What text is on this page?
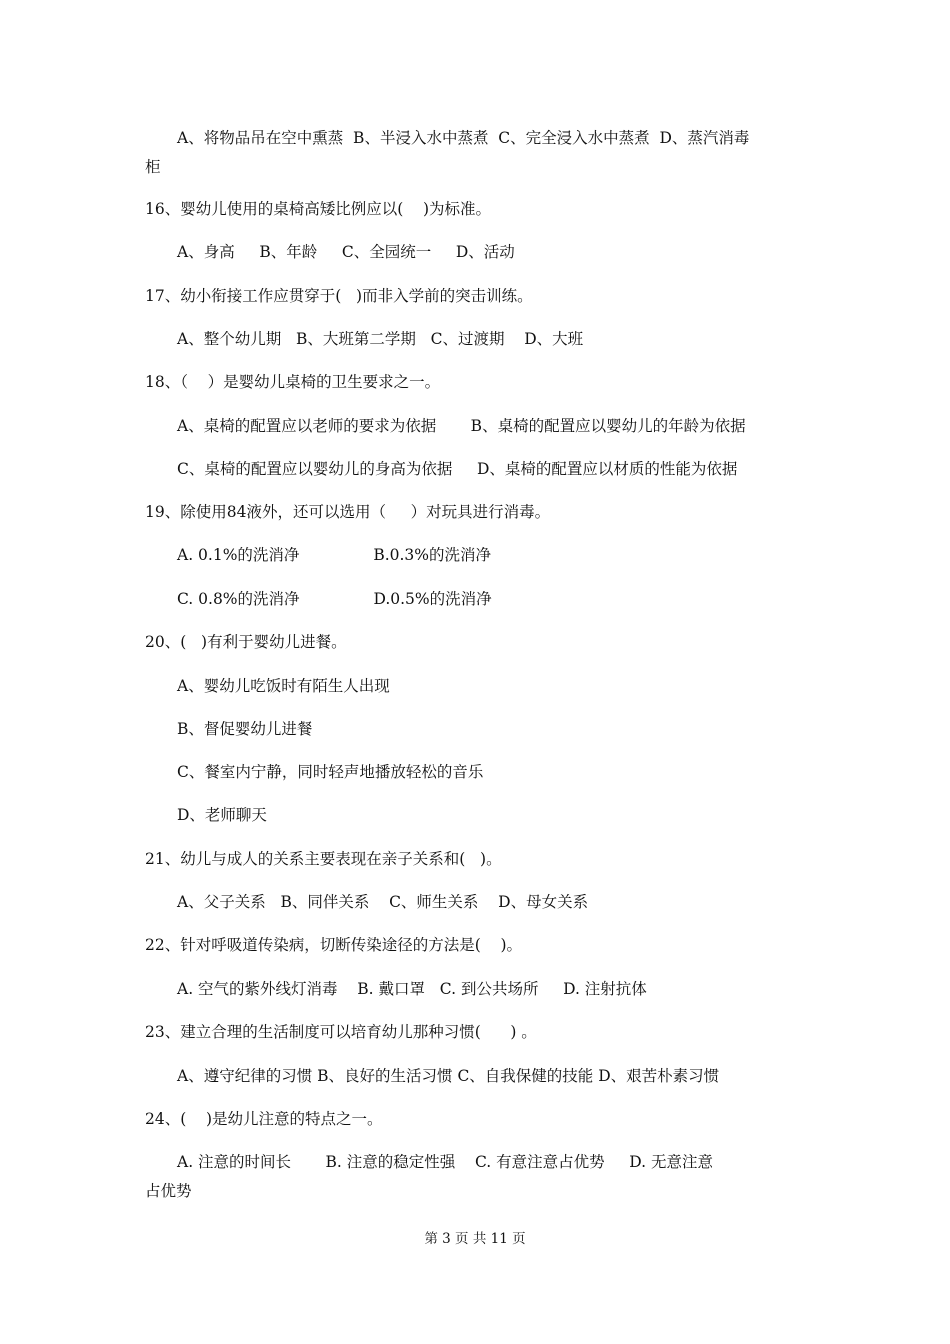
A、将物品吊在空中熏蒸  B、半浸入水中蒸煮  C、完全浸入水中蒸煮  D、蒸汽消毒
柜
16、婴幼儿使用的桌椅高矮比例应以(    )为标准。
A、身高     B、年龄     C、全园统一     D、活动
17、幼小衔接工作应贯穿于(   )而非入学前的突击训练。
A、整个幼儿期   B、大班第二学期   C、过渡期    D、大班
18、（    ）是婴幼儿桌椅的卫生要求之一。
A、桌椅的配置应以老师的要求为依据       B、桌椅的配置应以婴幼儿的年龄为依据
C、桌椅的配置应以婴幼儿的身高为依据     D、桌椅的配置应以材质的性能为依据
19、除使用84液外，还可以选用（     ）对玩具进行消毒。
A. 0.1%的洗消净               B.0.3%的洗消净
C. 0.8%的洗消净               D.0.5%的洗消净
20、(   )有利于婴幼儿进餐。
A、婴幼儿吃饭时有陌生人出现
B、督促婴幼儿进餐
C、餐室内宁静，同时轻声地播放轻松的音乐
D、老师聊天
21、幼儿与成人的关系主要表现在亲子关系和(   )。
A、父子关系   B、同伴关系    C、师生关系    D、母女关系
22、针对呼吸道传染病，切断传染途径的方法是(    )。
A. 空气的紫外线灯消毒    B. 戴口罩   C. 到公共场所     D. 注射抗体
23、建立合理的生活制度可以培育幼儿那种习惯(      ) 。
A、遵守纪律的习惯 B、良好的生活习惯 C、自我保健的技能 D、艰苦朴素习惯
24、(    )是幼儿注意的特点之一。
A. 注意的时间长       B. 注意的稳定性强    C. 有意注意占优势     D. 无意注意
占优势
第 3 页 共 11 页
